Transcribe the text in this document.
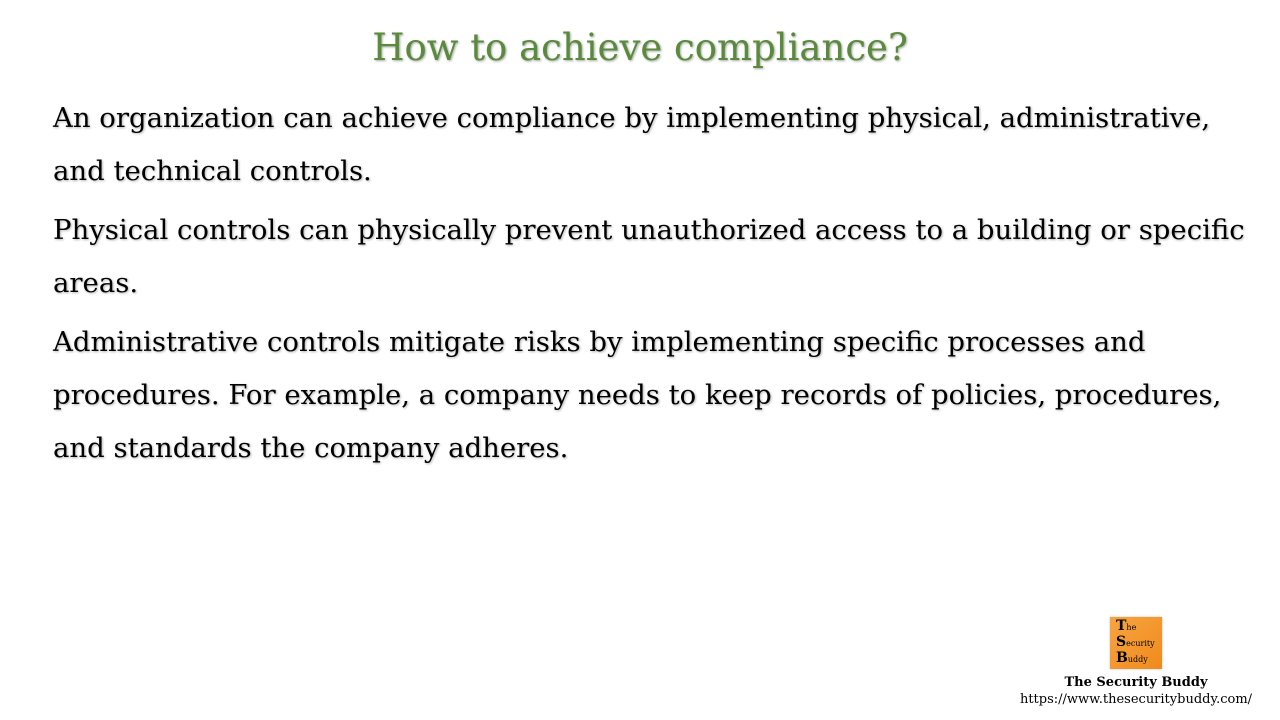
How to achieve compliance?

An organization can achieve compliance by implementing physical, administrative, and technical controls.

Physical controls can physically prevent unauthorized access to a building or specific areas.

Administrative controls mitigate risks by implementing specific processes and procedures. For example, a company needs to keep records of policies, procedures, and standards the company adheres.

The
Security
Buddy
The Security Buddy
https://www.thesecuritybuddy.com/
